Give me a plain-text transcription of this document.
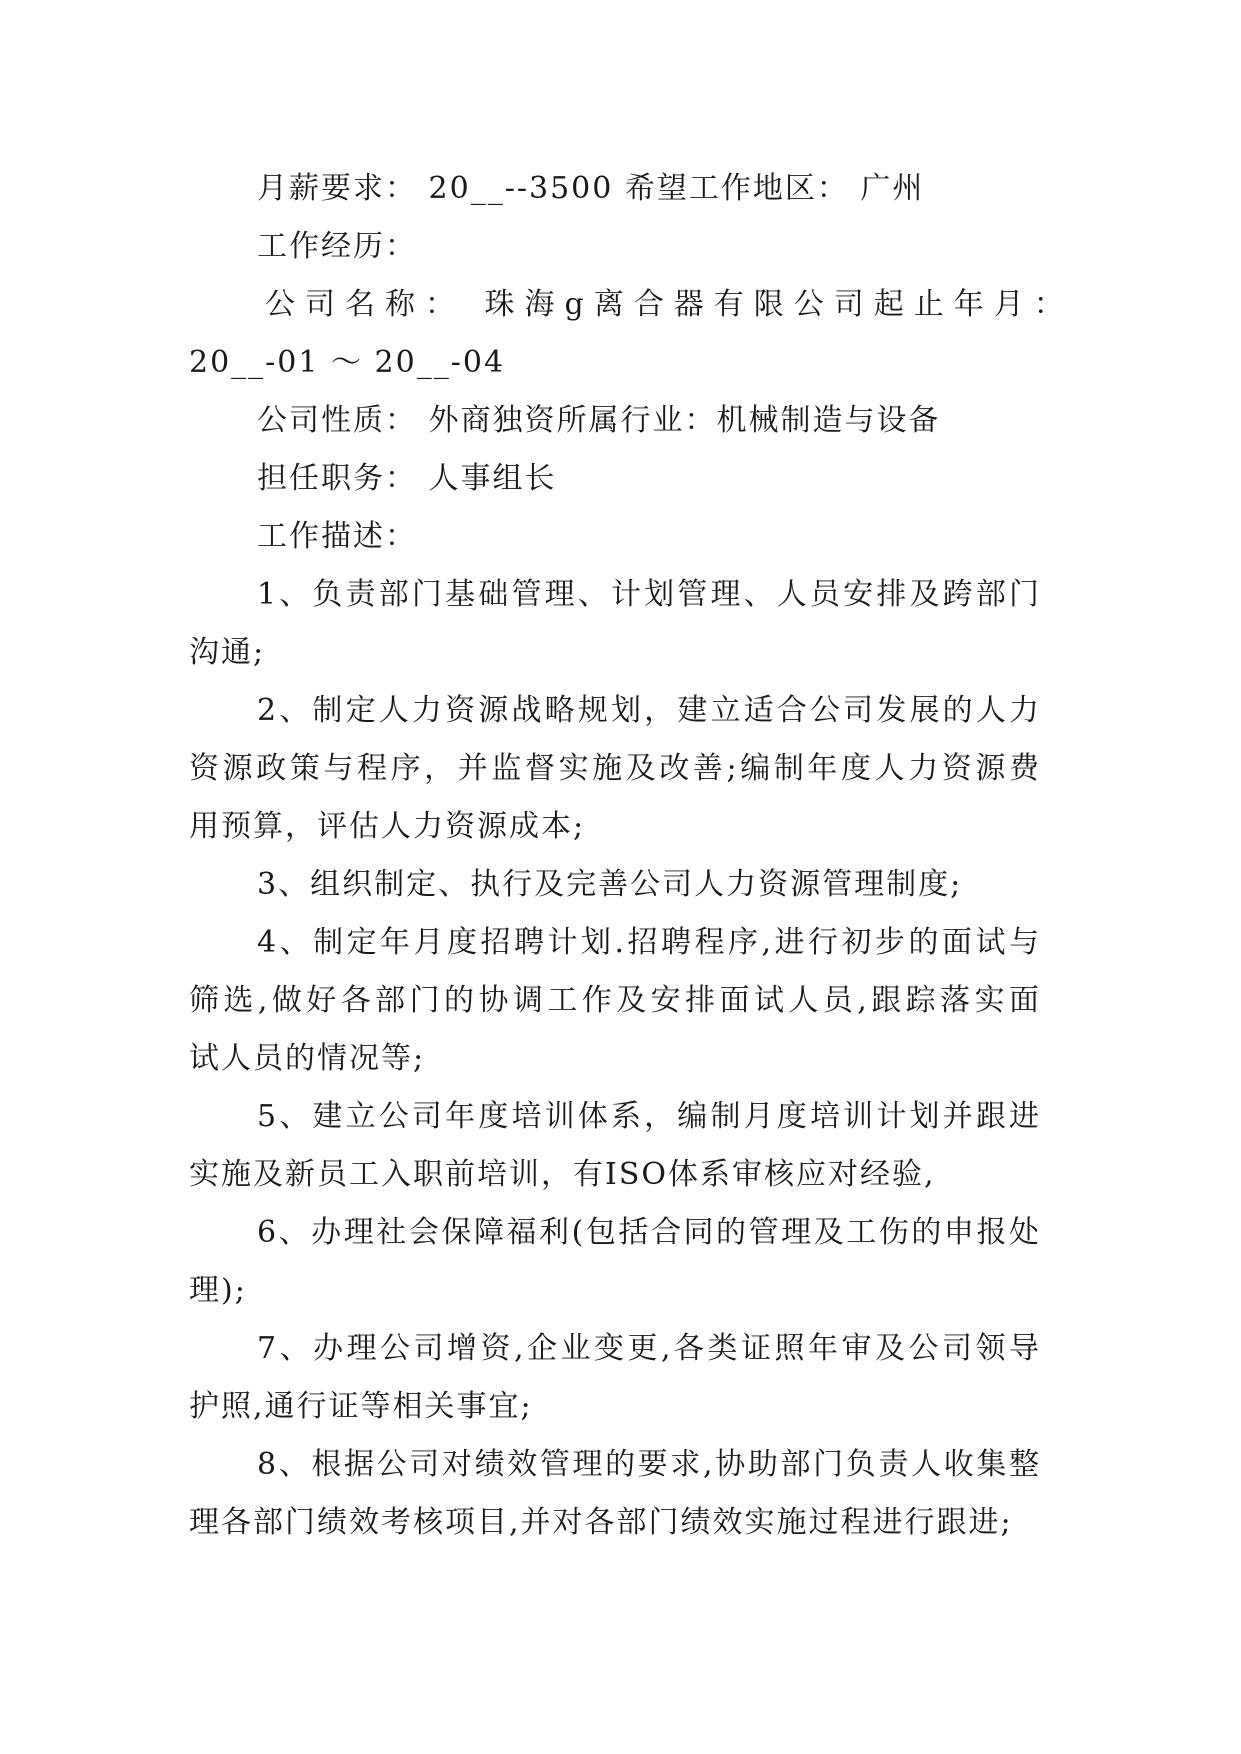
月薪要求： 20__--3500 希望工作地区： 广州
工作经历：
公司名称： 珠海g离合器有限公司起止年月：
20__-01 ～ 20__-04
公司性质： 外商独资所属行业：机械制造与设备
担任职务： 人事组长
工作描述：
1、负责部门基础管理、计划管理、人员安排及跨部门
沟通;
2、制定人力资源战略规划，建立适合公司发展的人力
资源政策与程序，并监督实施及改善;编制年度人力资源费
用预算，评估人力资源成本;
3、组织制定、执行及完善公司人力资源管理制度;
4、制定年月度招聘计划.招聘程序,进行初步的面试与
筛选,做好各部门的协调工作及安排面试人员,跟踪落实面
试人员的情况等;
5、建立公司年度培训体系，编制月度培训计划并跟进
实施及新员工入职前培训，有ISO体系审核应对经验,
6、办理社会保障福利(包括合同的管理及工伤的申报处
理);
7、办理公司增资,企业变更,各类证照年审及公司领导
护照,通行证等相关事宜;
8、根据公司对绩效管理的要求,协助部门负责人收集整
理各部门绩效考核项目,并对各部门绩效实施过程进行跟进;
